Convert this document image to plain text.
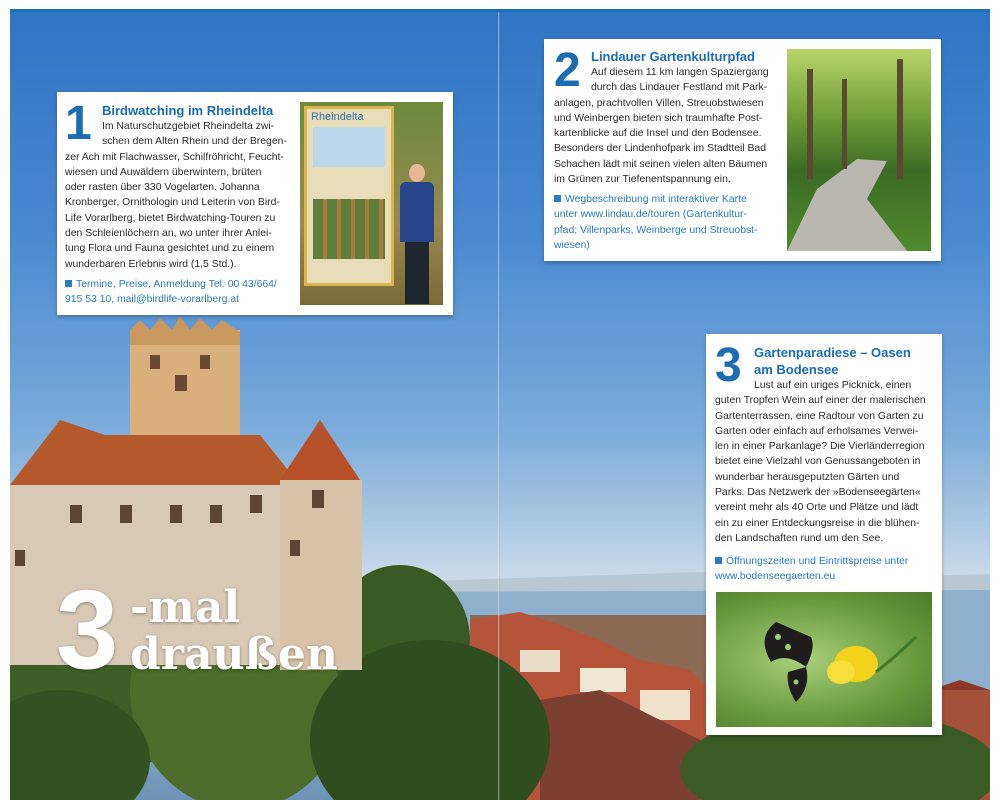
3 -mal
draußen
1 Birdwatching im Rheindelta
Im Naturschutzgebiet Rheindelta zwi-
schen dem Alten Rhein und der Bregen-
zer Ach mit Flachwasser, Schilfröhricht, Feucht-
wiesen und Auwäldern überwintern, brüten
oder rasten über 330 Vogelarten. Johanna
Kronberger, Ornithologin und Leiterin von Bird-
Life Vorarlberg, bietet Birdwatching-Touren zu
den Schleienlöchern an, wo unter ihrer Anlei-
tung Flora und Fauna gesichtet und zu einem
wunderbaren Erlebnis wird (1,5 Std.).
Termine, Preise, Anmeldung Tel. 00 43/664/
915 53 10, mail@birdlife-vorarlberg.at
Rheindelta
2 Lindauer Gartenkulturpfad
Auf diesem 11 km langen Spaziergang
durch das Lindauer Festland mit Park-
anlagen, prachtvollen Villen, Streuobstwiesen
und Weinbergen bieten sich traumhafte Post-
kartenblicke auf die Insel und den Bodensee.
Besonders der Lindenhofpark im Stadtteil Bad
Schachen lädt mit seinen vielen alten Bäumen
im Grünen zur Tiefenentspannung ein.
Wegbeschreibung mit interaktiver Karte
unter www.lindau.de/touren (Gartenkultur-
pfad: Villenparks, Weinberge und Streuobst-
wiesen)
3 Gartenparadiese – Oasen
am Bodensee
Lust auf ein uriges Picknick, einen
guten Tropfen Wein auf einer der malerischen
Gartenterrassen, eine Radtour von Garten zu
Garten oder einfach auf erholsames Verwei-
len in einer Parkanlage? Die Vierländerregion
bietet eine Vielzahl von Genussangeboten in
wunderbar herausgeputzten Gärten und
Parks. Das Netzwerk der »Bodenseegärten«
vereint mehr als 40 Orte und Plätze und lädt
ein zu einer Entdeckungsreise in die blühen-
den Landschaften rund um den See.
Öffnungszeiten und Eintrittspreise unter
www.bodenseegaerten.eu
